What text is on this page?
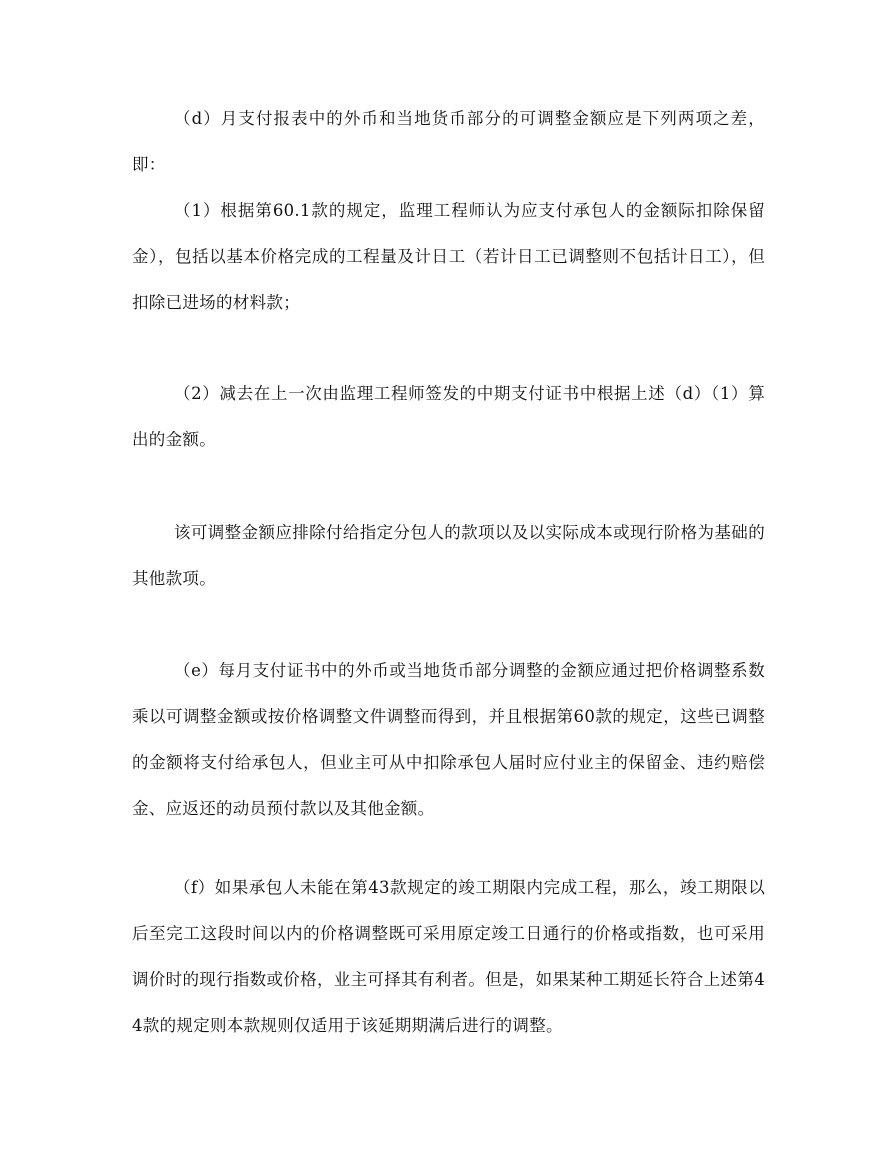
（d）月支付报表中的外币和当地货币部分的可调整金额应是下列两项之差，即：

（1）根据第60.1款的规定，监理工程师认为应支付承包人的金额际扣除保留金），包括以基本价格完成的工程量及计日工（若计日工已调整则不包括计日工），但扣除已进场的材料款；

（2）减去在上一次由监理工程师签发的中期支付证书中根据上述（d）（1）算出的金额。

该可调整金额应排除付给指定分包人的款项以及以实际成本或现行阶格为基础的其他款项。

（e）每月支付证书中的外币或当地货币部分调整的金额应通过把价格调整系数乘以可调整金额或按价格调整文件调整而得到，并且根据第60款的规定，这些已调整的金额将支付给承包人，但业主可从中扣除承包人届时应付业主的保留金、违约赔偿金、应返还的动员预付款以及其他金额。

（f）如果承包人未能在第43款规定的竣工期限内完成工程，那么，竣工期限以后至完工这段时间以内的价格调整既可采用原定竣工日通行的价格或指数，也可采用调价时的现行指数或价格，业主可择其有利者。但是，如果某种工期延长符合上述第44款的规定则本款规则仅适用于该延期期满后进行的调整。
